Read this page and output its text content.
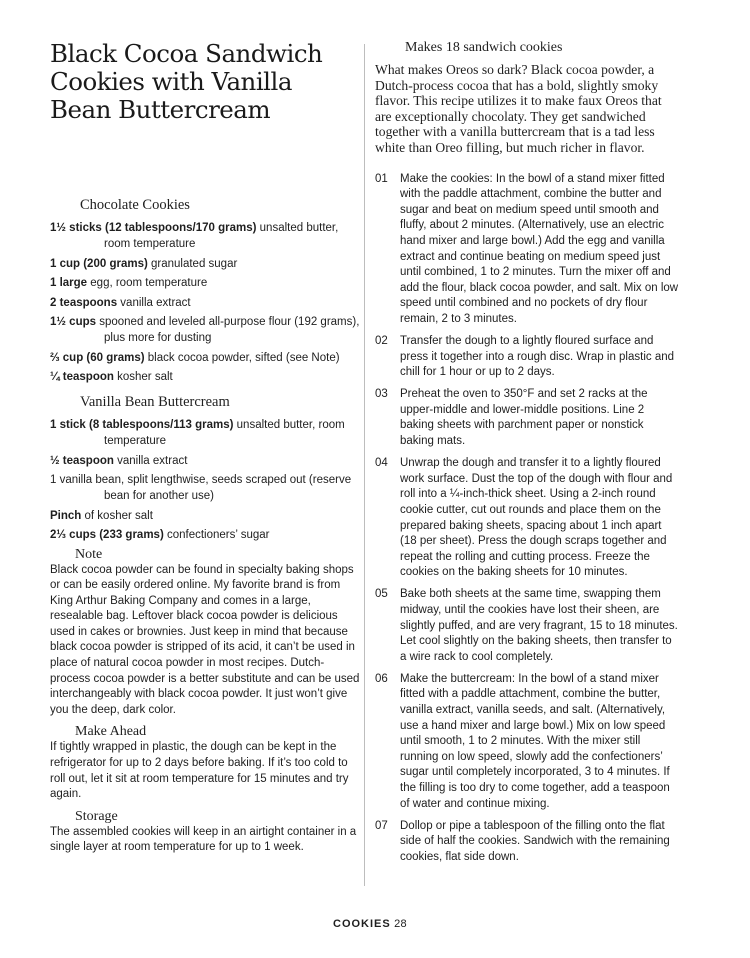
Black Cocoa Sandwich Cookies with Vanilla Bean Buttercream
Chocolate Cookies
1½ sticks (12 tablespoons/170 grams) unsalted butter, room temperature
1 cup (200 grams) granulated sugar
1 large egg, room temperature
2 teaspoons vanilla extract
1½ cups spooned and leveled all-purpose flour (192 grams), plus more for dusting
⅔ cup (60 grams) black cocoa powder, sifted (see Note)
¼ teaspoon kosher salt
Vanilla Bean Buttercream
1 stick (8 tablespoons/113 grams) unsalted butter, room temperature
½ teaspoon vanilla extract
1 vanilla bean, split lengthwise, seeds scraped out (reserve bean for another use)
Pinch of kosher salt
2⅓ cups (233 grams) confectioners’ sugar
Note

Black cocoa powder can be found in specialty baking shops or can be easily ordered online. My favorite brand is from King Arthur Baking Company and comes in a large, resealable bag. Leftover black cocoa powder is delicious used in cakes or brownies. Just keep in mind that because black cocoa powder is stripped of its acid, it can’t be used in place of natural cocoa powder in most recipes. Dutch-process cocoa powder is a better substitute and can be used interchangeably with black cocoa powder. It just won’t give you the deep, dark color.

Make Ahead

If tightly wrapped in plastic, the dough can be kept in the refrigerator for up to 2 days before baking. If it’s too cold to roll out, let it sit at room temperature for 15 minutes and try again.

Storage

The assembled cookies will keep in an airtight container in a single layer at room temperature for up to 1 week.

Makes 18 sandwich cookies

What makes Oreos so dark? Black cocoa powder, a Dutch-process cocoa that has a bold, slightly smoky flavor. This recipe utilizes it to make faux Oreos that are exceptionally chocolaty. They get sandwiched together with a vanilla buttercream that is a tad less white than Oreo filling, but much richer in flavor.

01	Make the cookies: In the bowl of a stand mixer fitted with the paddle attachment, combine the butter and sugar and beat on medium speed until smooth and fluffy, about 2 minutes. (Alternatively, use an electric hand mixer and large bowl.) Add the egg and vanilla extract and continue beating on medium speed just until combined, 1 to 2 minutes. Turn the mixer off and add the flour, black cocoa powder, and salt. Mix on low speed until combined and no pockets of dry flour remain, 2 to 3 minutes.
02	Transfer the dough to a lightly floured surface and press it together into a rough disc. Wrap in plastic and chill for 1 hour or up to 2 days.
03	Preheat the oven to 350°F and set 2 racks at the upper-middle and lower-middle positions. Line 2 baking sheets with parchment paper or nonstick baking mats.
04	Unwrap the dough and transfer it to a lightly floured work surface. Dust the top of the dough with flour and roll into a ¼-inch-thick sheet. Using a 2-inch round cookie cutter, cut out rounds and place them on the prepared baking sheets, spacing about 1 inch apart (18 per sheet). Press the dough scraps together and repeat the rolling and cutting process. Freeze the cookies on the baking sheets for 10 minutes.
05	Bake both sheets at the same time, swapping them midway, until the cookies have lost their sheen, are slightly puffed, and are very fragrant, 15 to 18 minutes. Let cool slightly on the baking sheets, then transfer to a wire rack to cool completely.
06	Make the buttercream: In the bowl of a stand mixer fitted with a paddle attachment, combine the butter, vanilla extract, vanilla seeds, and salt. (Alternatively, use a hand mixer and large bowl.) Mix on low speed until smooth, 1 to 2 minutes. With the mixer still running on low speed, slowly add the confectioners’ sugar until completely incorporated, 3 to 4 minutes. If the filling is too dry to come together, add a teaspoon of water and continue mixing.
07	Dollop or pipe a tablespoon of the filling onto the flat side of half the cookies. Sandwich with the remaining cookies, flat side down.
COOKIES 28
